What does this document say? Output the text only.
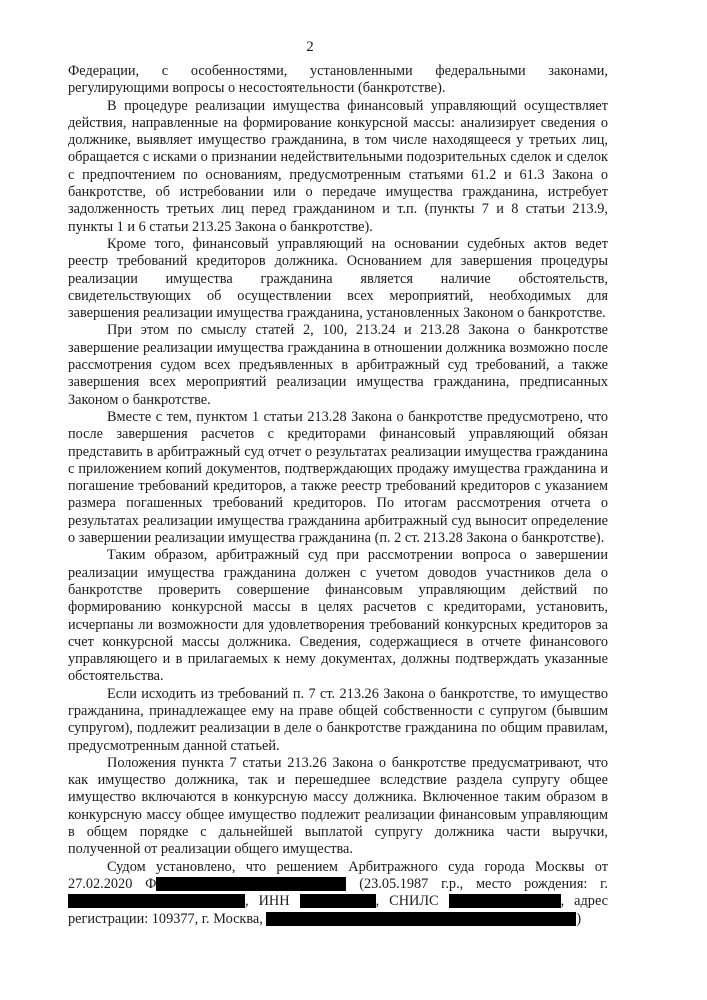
2

Федерации, с особенностями, установленными федеральными законами, регулирующими вопросы о несостоятельности (банкротстве).

В процедуре реализации имущества финансовый управляющий осуществляет действия, направленные на формирование конкурсной массы: анализирует сведения о должнике, выявляет имущество гражданина, в том числе находящееся у третьих лиц, обращается с исками о признании недействительными подозрительных сделок и сделок с предпочтением по основаниям, предусмотренным статьями 61.2 и 61.3 Закона о банкротстве, об истребовании или о передаче имущества гражданина, истребует задолженность третьих лиц перед гражданином и т.п. (пункты 7 и 8 статьи 213.9, пункты 1 и 6 статьи 213.25 Закона о банкротстве).

Кроме того, финансовый управляющий на основании судебных актов ведет реестр требований кредиторов должника. Основанием для завершения процедуры реализации имущества гражданина является наличие обстоятельств, свидетельствующих об осуществлении всех мероприятий, необходимых для завершения реализации имущества гражданина, установленных Законом о банкротстве.

При этом по смыслу статей 2, 100, 213.24 и 213.28 Закона о банкротстве завершение реализации имущества гражданина в отношении должника возможно после рассмотрения судом всех предъявленных в арбитражный суд требований, а также завершения всех мероприятий реализации имущества гражданина, предписанных Законом о банкротстве.

Вместе с тем, пунктом 1 статьи 213.28 Закона о банкротстве предусмотрено, что после завершения расчетов с кредиторами финансовый управляющий обязан представить в арбитражный суд отчет о результатах реализации имущества гражданина с приложением копий документов, подтверждающих продажу имущества гражданина и погашение требований кредиторов, а также реестр требований кредиторов с указанием размера погашенных требований кредиторов. По итогам рассмотрения отчета о результатах реализации имущества гражданина арбитражный суд выносит определение о завершении реализации имущества гражданина (п. 2 ст. 213.28 Закона о банкротстве).

Таким образом, арбитражный суд при рассмотрении вопроса о завершении реализации имущества гражданина должен с учетом доводов участников дела о банкротстве проверить совершение финансовым управляющим действий по формированию конкурсной массы в целях расчетов с кредиторами, установить, исчерпаны ли возможности для удовлетворения требований конкурсных кредиторов за счет конкурсной массы должника. Сведения, содержащиеся в отчете финансового управляющего и в прилагаемых к нему документах, должны подтверждать указанные обстоятельства.

Если исходить из требований п. 7 ст. 213.26 Закона о банкротстве, то имущество гражданина, принадлежащее ему на праве общей собственности с супругом (бывшим супругом), подлежит реализации в деле о банкротстве гражданина по общим правилам, предусмотренным данной статьей.

Положения пункта 7 статьи 213.26 Закона о банкротстве предусматривают, что как имущество должника, так и перешедшее вследствие раздела супругу общее имущество включаются в конкурсную массу должника. Включенное таким образом в конкурсную массу общее имущество подлежит реализации финансовым управляющим в общем порядке с дальнейшей выплатой супругу должника части выручки, полученной от реализации общего имущества.

Судом установлено, что решением Арбитражного суда города Москвы от
27.02.2020 Ф	(23.05.1987 г.р., место рождения: г.
, ИНН	, СНИЛС	, адрес
регистрации: 109377, г. Москва,	)
